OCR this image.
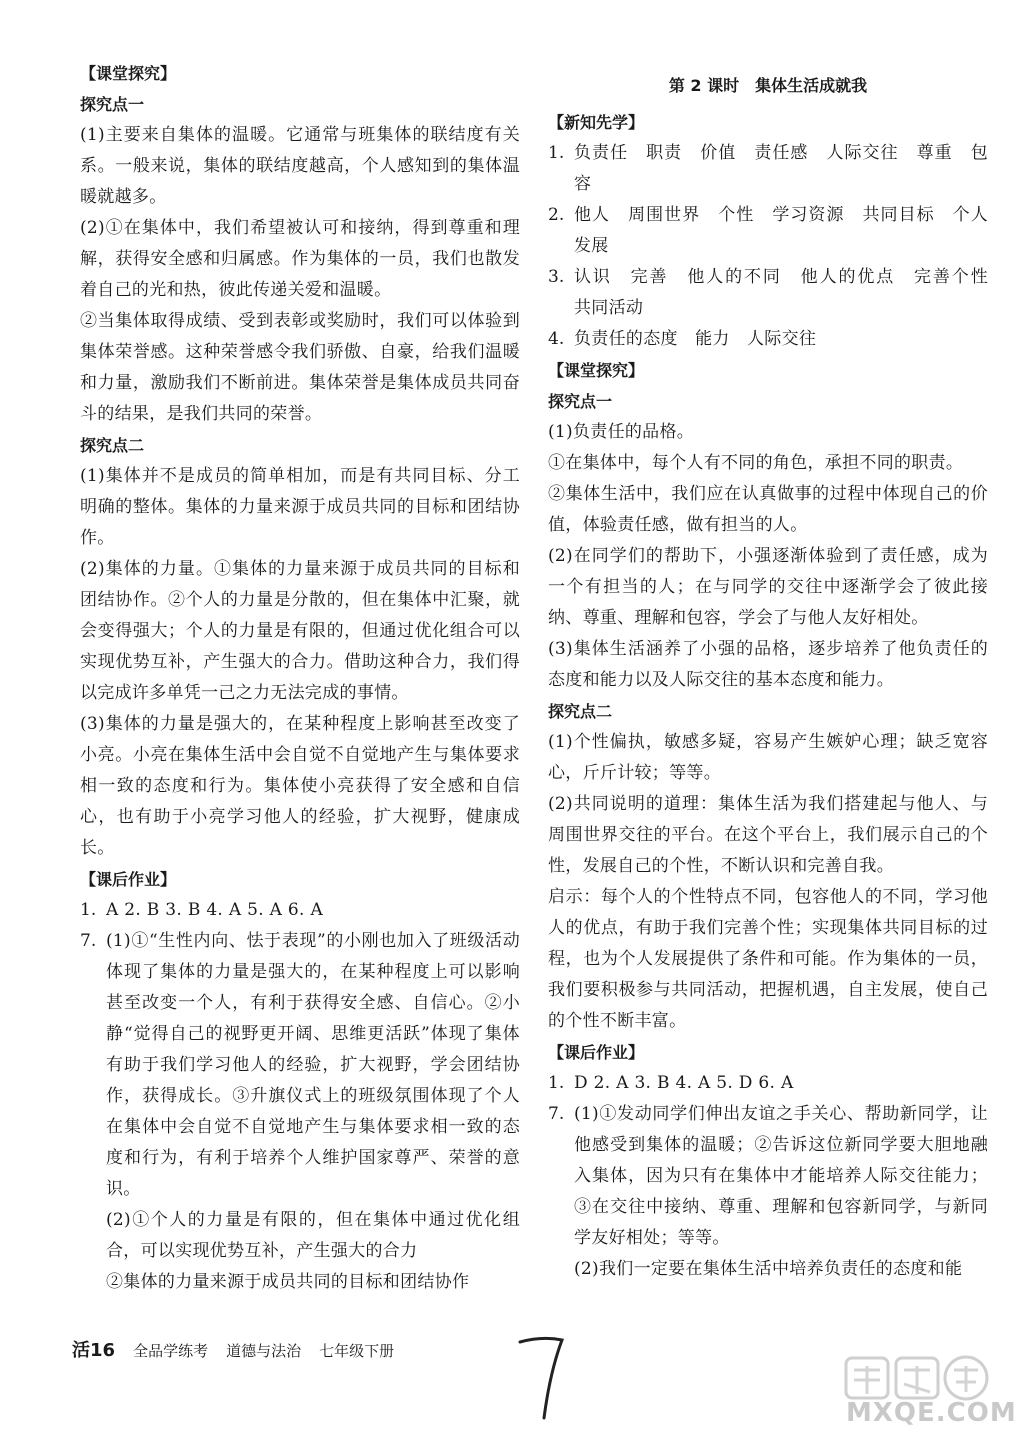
【课堂探究】

探究点一

(1)主要来自集体的温暖。它通常与班集体的联结度有关系。一般来说，集体的联结度越高，个人感知到的集体温暖就越多。

(2)①在集体中，我们希望被认可和接纳，得到尊重和理解，获得安全感和归属感。作为集体的一员，我们也散发着自己的光和热，彼此传递关爱和温暖。

②当集体取得成绩、受到表彰或奖励时，我们可以体验到集体荣誉感。这种荣誉感令我们骄傲、自豪，给我们温暖和力量，激励我们不断前进。集体荣誉是集体成员共同奋斗的结果，是我们共同的荣誉。

探究点二

(1)集体并不是成员的简单相加，而是有共同目标、分工明确的整体。集体的力量来源于成员共同的目标和团结协作。

(2)集体的力量。①集体的力量来源于成员共同的目标和团结协作。②个人的力量是分散的，但在集体中汇聚，就会变得强大；个人的力量是有限的，但通过优化组合可以实现优势互补，产生强大的合力。借助这种合力，我们得以完成许多单凭一己之力无法完成的事情。

(3)集体的力量是强大的，在某种程度上影响甚至改变了小亮。小亮在集体生活中会自觉不自觉地产生与集体要求相一致的态度和行为。集体使小亮获得了安全感和自信心，也有助于小亮学习他人的经验，扩大视野，健康成长。

【课后作业】

1. A 2. B 3. B 4. A 5. A 6. A
7. (1)①“生性内向、怯于表现”的小刚也加入了班级活动体现了集体的力量是强大的，在某种程度上可以影响甚至改变一个人，有利于获得安全感、自信心。②小静“觉得自己的视野更开阔、思维更活跃”体现了集体有助于我们学习他人的经验，扩大视野，学会团结协作，获得成长。③升旗仪式上的班级氛围体现了个人在集体中会自觉不自觉地产生与集体要求相一致的态度和行为，有利于培养个人维护国家尊严、荣誉的意识。

(2)①个人的力量是有限的，但在集体中通过优化组合，可以实现优势互补，产生强大的合力

②集体的力量来源于成员共同的目标和团结协作

第 2 课时　集体生活成就我

【新知先学】

1. 负责任　职责　价值　责任感　人际交往　尊重　包容
2. 他人　周围世界　个性　学习资源　共同目标　个人发展
3. 认识　完善　他人的不同　他人的优点　完善个性　共同活动
4. 负责任的态度　能力　人际交往

【课堂探究】

探究点一

(1)负责任的品格。

①在集体中，每个人有不同的角色，承担不同的职责。

②集体生活中，我们应在认真做事的过程中体现自己的价值，体验责任感，做有担当的人。

(2)在同学们的帮助下，小强逐渐体验到了责任感，成为一个有担当的人；在与同学的交往中逐渐学会了彼此接纳、尊重、理解和包容，学会了与他人友好相处。

(3)集体生活涵养了小强的品格，逐步培养了他负责任的态度和能力以及人际交往的基本态度和能力。

探究点二

(1)个性偏执，敏感多疑，容易产生嫉妒心理；缺乏宽容心，斤斤计较；等等。

(2)共同说明的道理：集体生活为我们搭建起与他人、与周围世界交往的平台。在这个平台上，我们展示自己的个性，发展自己的个性，不断认识和完善自我。

启示：每个人的个性特点不同，包容他人的不同，学习他人的优点，有助于我们完善个性；实现集体共同目标的过程，也为个人发展提供了条件和可能。作为集体的一员，我们要积极参与共同活动，把握机遇，自主发展，使自己的个性不断丰富。

【课后作业】

1. D 2. A 3. B 4. A 5. D 6. A
7. (1)①发动同学们伸出友谊之手关心、帮助新同学，让他感受到集体的温暖；②告诉这位新同学要大胆地融入集体，因为只有在集体中才能培养人际交往能力；③在交往中接纳、尊重、理解和包容新同学，与新同学友好相处；等等。

(2)我们一定要在集体生活中培养负责任的态度和能

活16 全品学练考 道德与法治 七年级下册
MXQE.COM
